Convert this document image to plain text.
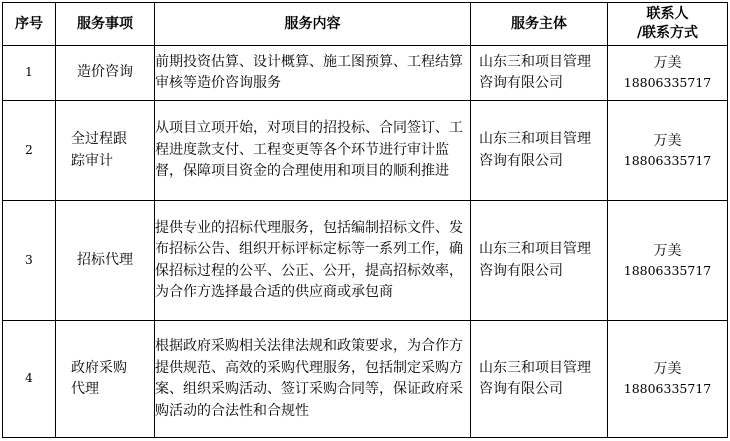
序号	服务事项	服务内容	服务主体	联系人
/联系方式

1	造价咨询	前期投资估算、设计概算、施工图预算、工程结算审核等造价咨询服务	山东三和项目管理咨询有限公司	万美
18806335717

2	全过程跟踪审计	从项目立项开始，对项目的招投标、合同签订、工程进度款支付、工程变更等各个环节进行审计监督，保障项目资金的合理使用和项目的顺利推进	山东三和项目管理咨询有限公司	万美
18806335717

3	招标代理	提供专业的招标代理服务，包括编制招标文件、发布招标公告、组织开标评标定标等一系列工作，确保招标过程的公平、公正、公开，提高招标效率，为合作方选择最合适的供应商或承包商	山东三和项目管理咨询有限公司	万美
18806335717

4	政府采购代理	根据政府采购相关法律法规和政策要求，为合作方提供规范、高效的采购代理服务，包括制定采购方案、组织采购活动、签订采购合同等，保证政府采购活动的合法性和合规性	山东三和项目管理咨询有限公司	万美
18806335717
